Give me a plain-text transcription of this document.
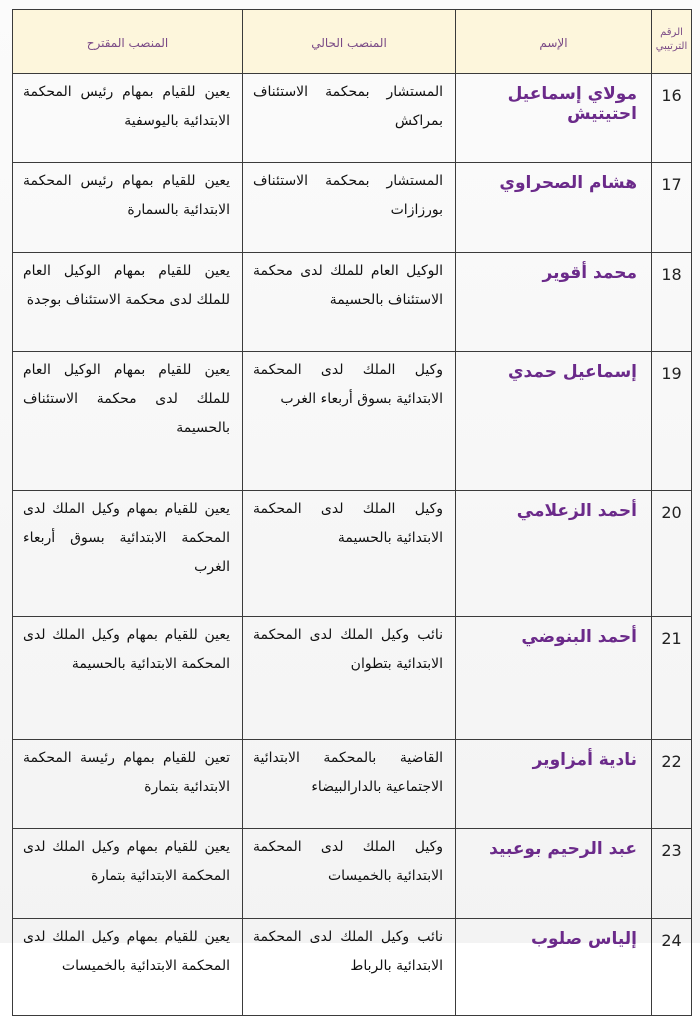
الرقم الترتيبي	الإسم	المنصب الحالي	المنصب المقترح
16	مولاي إسماعيل احتيتيش	المستشار بمحكمة الاستئناف بمراكش	يعين للقيام بمهام رئيس المحكمة الابتدائية باليوسفية
17	هشام الصحراوي	المستشار بمحكمة الاستئناف بورزازات	يعين للقيام بمهام رئيس المحكمة الابتدائية بالسمارة
18	محمد أقوير	الوكيل العام للملك لدى محكمة الاستئناف بالحسيمة	يعين للقيام بمهام الوكيل العام للملك لدى محكمة الاستئناف بوجدة
19	إسماعيل حمدي	وكيل الملك لدى المحكمة الابتدائية بسوق أربعاء الغرب	يعين للقيام بمهام الوكيل العام للملك لدى محكمة الاستئناف بالحسيمة
20	أحمد الزعلامي	وكيل الملك لدى المحكمة الابتدائية بالحسيمة	يعين للقيام بمهام وكيل الملك لدى المحكمة الابتدائية بسوق أربعاء الغرب
21	أحمد البنوضي	نائب وكيل الملك لدى المحكمة الابتدائية بتطوان	يعين للقيام بمهام وكيل الملك لدى المحكمة الابتدائية بالحسيمة
22	نادية أمزاوير	القاضية بالمحكمة الابتدائية الاجتماعية بالدارالبيضاء	تعين للقيام بمهام رئيسة المحكمة الابتدائية بتمارة
23	عبد الرحيم بوعبيد	وكيل الملك لدى المحكمة الابتدائية بالخميسات	يعين للقيام بمهام وكيل الملك لدى المحكمة الابتدائية بتمارة
24	إلياس صلوب	نائب وكيل الملك لدى المحكمة الابتدائية بالرباط	يعين للقيام بمهام وكيل الملك لدى المحكمة الابتدائية بالخميسات
